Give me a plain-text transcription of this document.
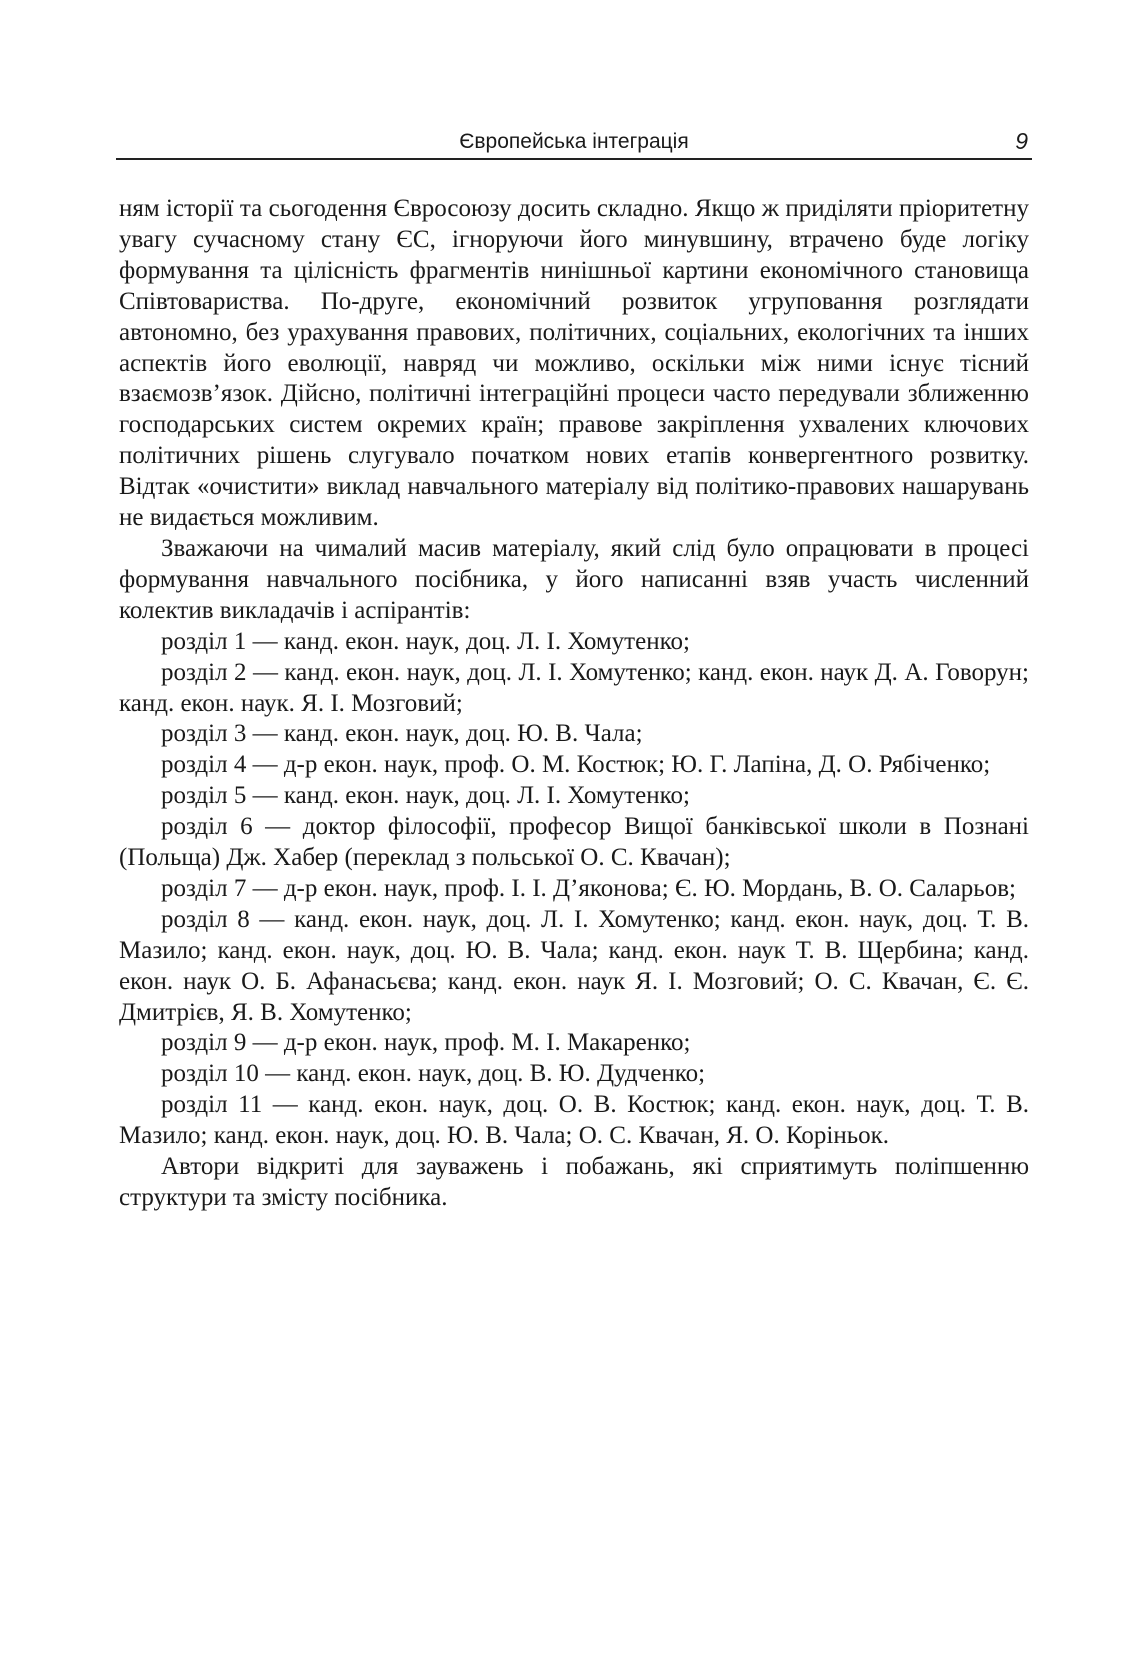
Європейська інтеграція	9

ням історії та сьогодення Євросоюзу досить складно. Якщо ж приділяти пріоритетну увагу сучасному стану ЄС, ігноруючи його минувшину, втрачено буде логіку формування та цілісність фрагментів нинішньої картини економічного становища Співтовариства. По-друге, економічний розвиток угруповання розглядати автономно, без урахування правових, політичних, соціальних, екологічних та інших аспектів його еволюції, навряд чи можливо, оскільки між ними існує тісний взаємозв’язок. Дійсно, політичні інтеграційні процеси часто передували зближенню господарських систем окремих країн; правове закріплення ухвалених ключових політичних рішень слугувало початком нових етапів конвергентного розвитку. Відтак «очистити» виклад навчального матеріалу від політико-правових нашарувань не видається можливим.

Зважаючи на чималий масив матеріалу, який слід було опрацювати в процесі формування навчального посібника, у його написанні взяв участь численний колектив викладачів і аспірантів:

розділ 1 — канд. екон. наук, доц. Л. І. Хомутенко;

розділ 2 — канд. екон. наук, доц. Л. І. Хомутенко; канд. екон. наук Д. А. Говорун; канд. екон. наук. Я. І. Мозговий;

розділ 3 — канд. екон. наук, доц. Ю. В. Чала;

розділ 4 — д-р екон. наук, проф. О. М. Костюк; Ю. Г. Лапіна, Д. О. Рябіченко;

розділ 5 — канд. екон. наук, доц. Л. І. Хомутенко;

розділ 6 — доктор філософії, професор Вищої банківської школи в Познані (Польща) Дж. Хабер (переклад з польської О. С. Квачан);

розділ 7 — д-р екон. наук, проф. І. І. Д’яконова; Є. Ю. Мордань, В. О. Саларьов;

розділ 8 — канд. екон. наук, доц. Л. І. Хомутенко; канд. екон. наук, доц. Т. В. Мазило; канд. екон. наук, доц. Ю. В. Чала; канд. екон. наук Т. В. Щербина; канд. екон. наук О. Б. Афанасьєва; канд. екон. наук Я. І. Мозговий; О. С. Квачан, Є. Є. Дмитрієв, Я. В. Хомутенко;

розділ 9 — д-р екон. наук, проф. М. І. Макаренко;

розділ 10 — канд. екон. наук, доц. В. Ю. Дудченко;

розділ 11 — канд. екон. наук, доц. О. В. Костюк; канд. екон. наук, доц. Т. В. Мазило; канд. екон. наук, доц. Ю. В. Чала; О. С. Квачан, Я. О. Коріньок.

Автори відкриті для зауважень і побажань, які сприятимуть поліпшенню структури та змісту посібника.
